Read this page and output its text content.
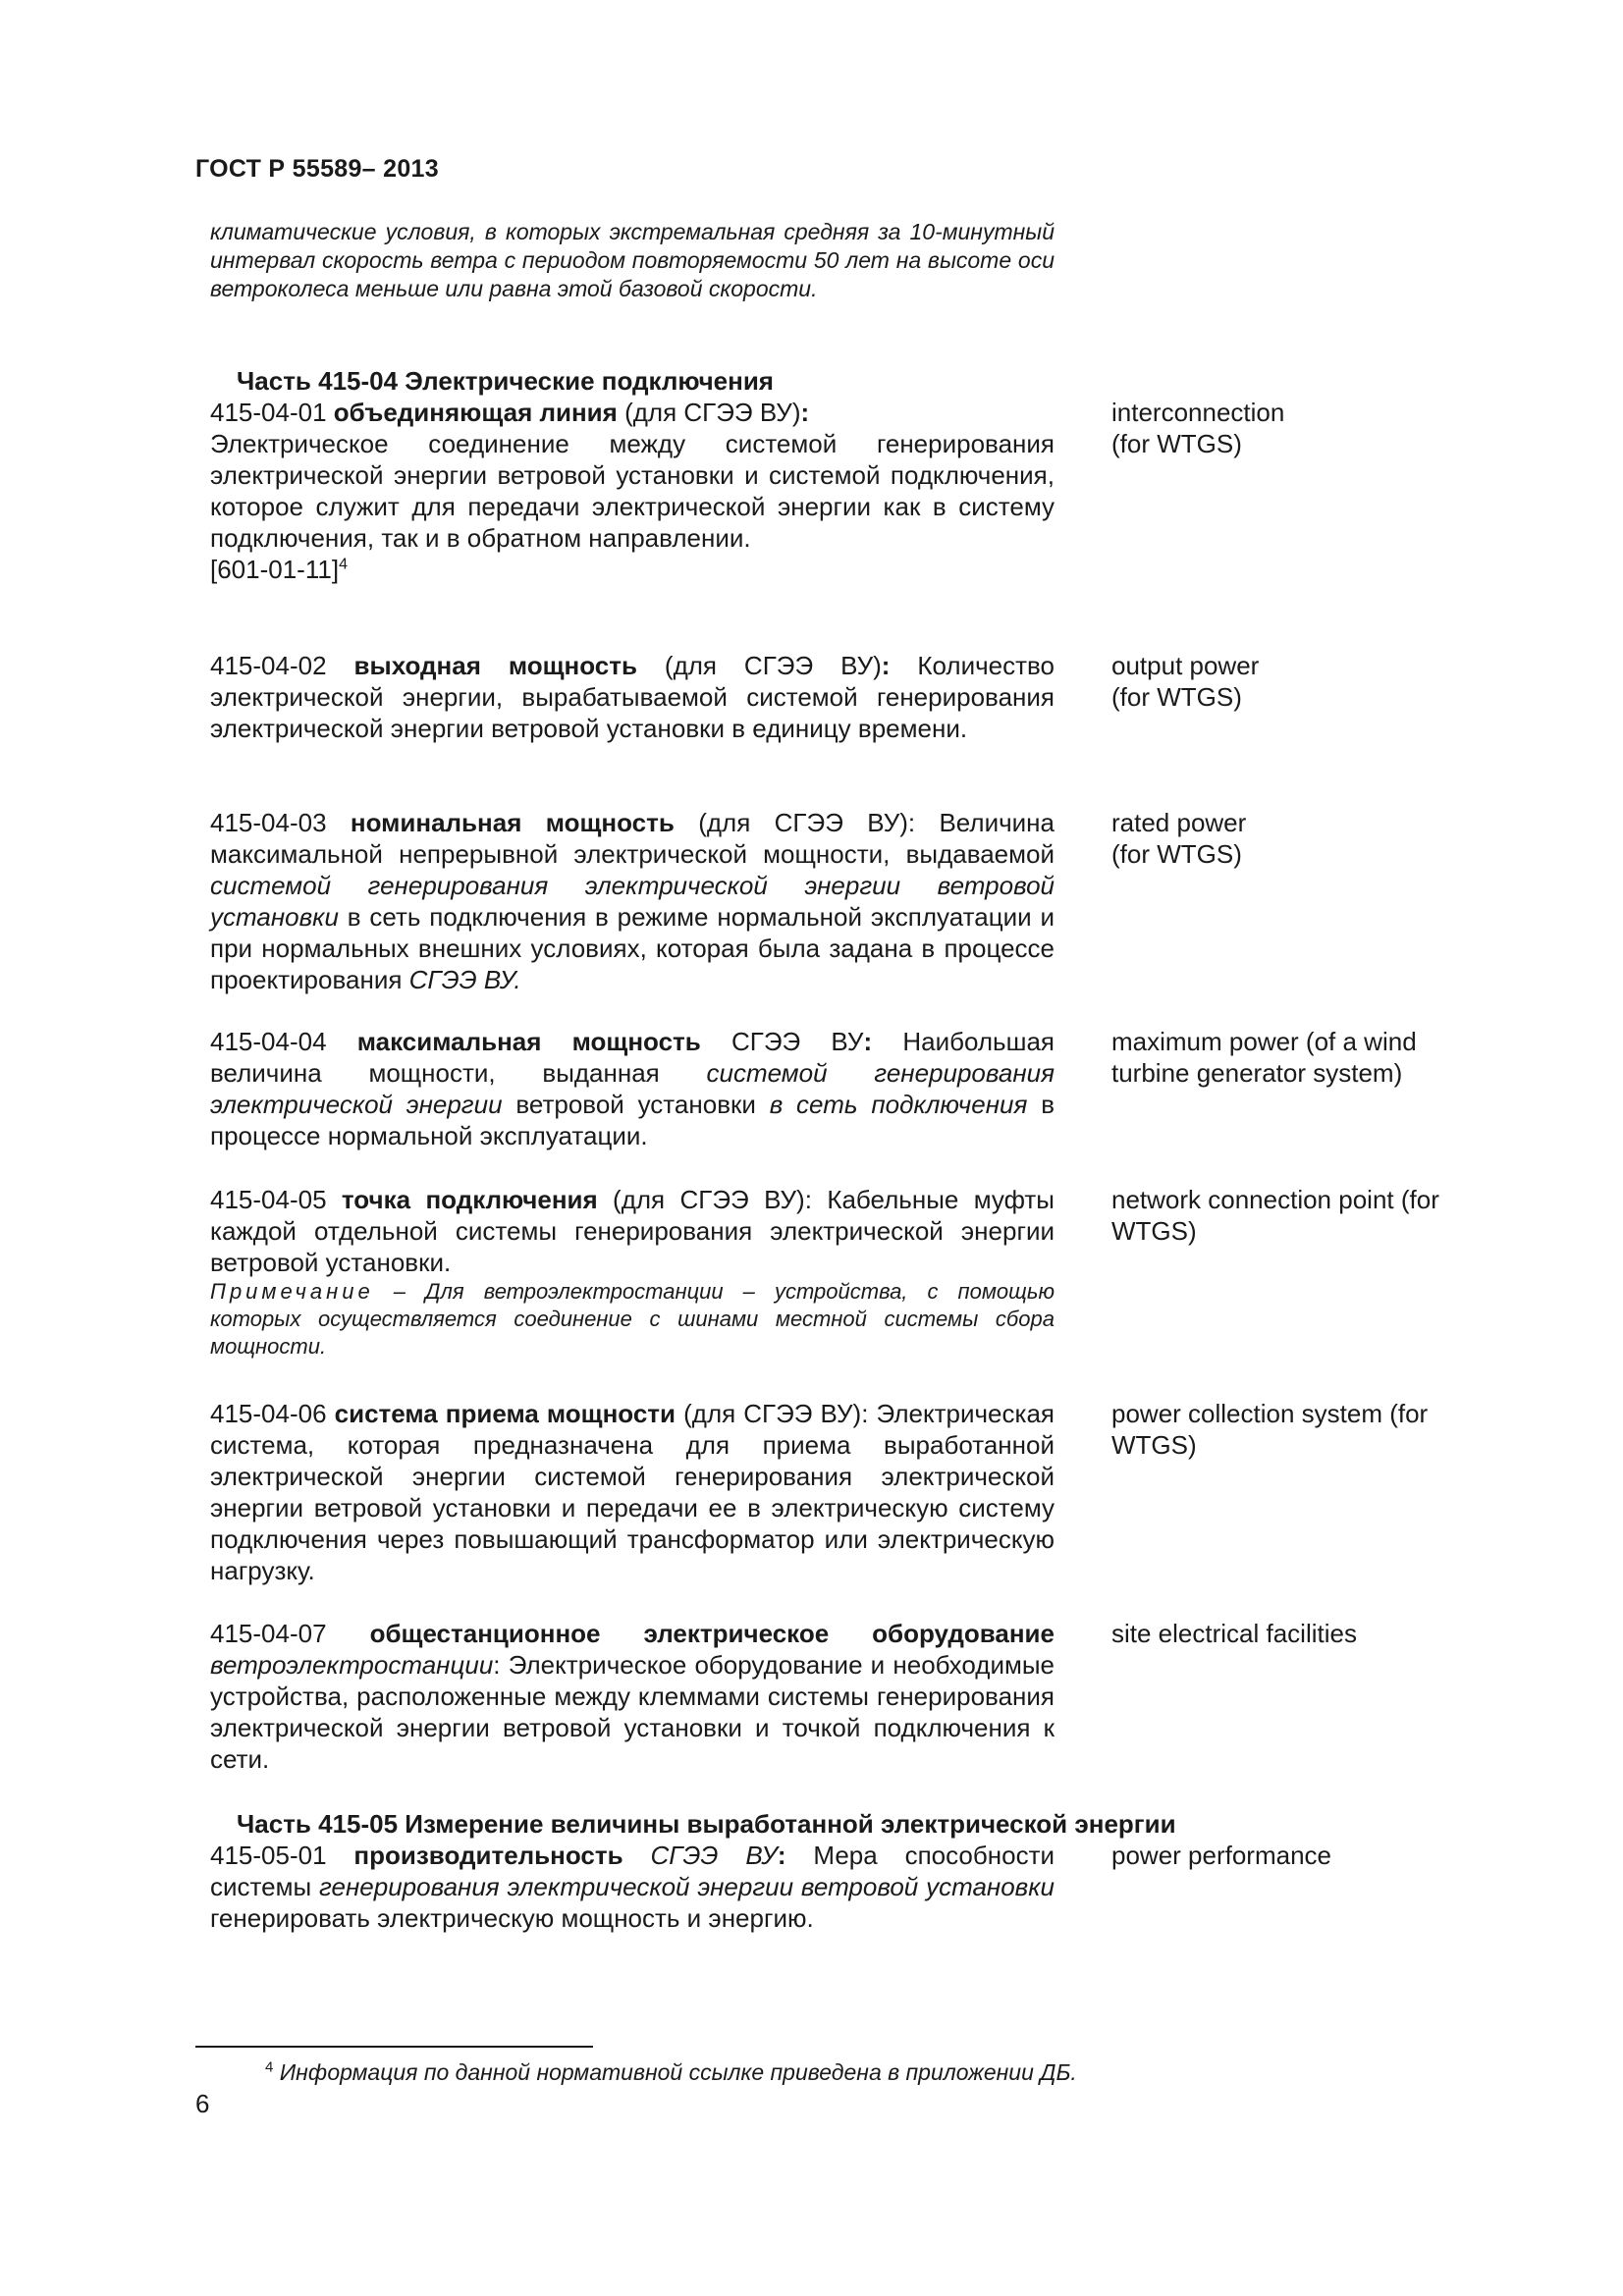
ГОСТ Р 55589– 2013
климатические условия, в которых экстремальная средняя за 10-минутный интервал скорость ветра с периодом повторяемости 50 лет на высоте оси ветроколеса меньше или равна этой базовой скорости.
Часть 415-04 Электрические подключения
415-04-01 объединяющая линия (для СГЭЭ ВУ):
Электрическое соединение между системой генерирования электрической энергии ветровой установки и системой подключения, которое служит для передачи электрической энергии как в систему подключения, так и в обратном направлении.
$[601-01-11]^4$
interconnection
(for WTGS)
415-04-02 выходная мощность (для СГЭЭ ВУ): Количество электрической энергии, вырабатываемой системой генерирования электрической энергии ветровой установки в единицу времени.
output power
(for WTGS)
415-04-03 номинальная мощность (для СГЭЭ ВУ): Величина максимальной непрерывной электрической мощности, выдаваемой системой генерирования электрической энергии ветровой установки в сеть подключения в режиме нормальной эксплуатации и при нормальных внешних условиях, которая была задана в процессе проектирования СГЭЭ ВУ.
rated power
(for WTGS)
415-04-04 максимальная мощность СГЭЭ ВУ: Наибольшая величина мощности, выданная системой генерирования электрической энергии ветровой установки в сеть подключения в процессе нормальной эксплуатации.
maximum power (of a wind turbine generator system)
415-04-05 точка подключения (для СГЭЭ ВУ): Кабельные муфты каждой отдельной системы генерирования электрической энергии ветровой установки.
Примечание – Для ветроэлектростанции – устройства, с помощью которых осуществляется соединение с шинами местной системы сбора мощности.
network connection point (for WTGS)
415-04-06 система приема мощности (для СГЭЭ ВУ): Электрическая система, которая предназначена для приема выработанной электрической энергии системой генерирования электрической энергии ветровой установки и передачи ее в электрическую систему подключения через повышающий трансформатор или электрическую нагрузку.
power collection system (for WTGS)
415-04-07 общестанционное электрическое оборудование ветроэлектростанции: Электрическое оборудование и необходимые устройства, расположенные между клеммами системы генерирования электрической энергии ветровой установки и точкой подключения к сети.
site electrical facilities
Часть 415-05 Измерение величины выработанной электрической энергии
415-05-01 производительность СГЭЭ ВУ: Мера способности системы генерирования электрической энергии ветровой установки генерировать электрическую мощность и энергию.
power performance
$^4$ Информация по данной нормативной ссылке приведена в приложении ДБ.
6
